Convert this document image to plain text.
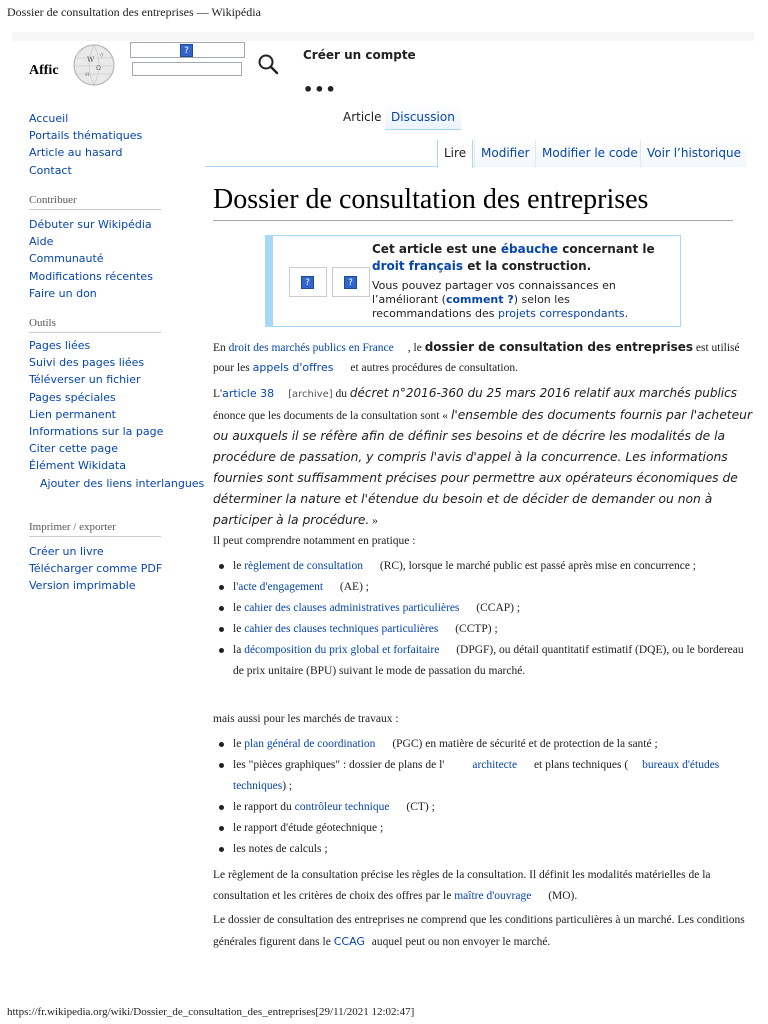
Dossier de consultation des entreprises — Wikipédia
Affic
W
Ω
И
ウ	?	Créer un compte
•••
Article Discussion
Lire	Modifier	Modifier le code Voir l’historique
Accueil
Portails thématiques
Article au hasard
Contact
Contribuer
Débuter sur Wikipédia
Aide
Communauté
Modifications récentes
Faire un don
Outils
Pages liées
Suivi des pages liées
Téléverser un fichier
Pages spéciales
Lien permanent
Informations sur la page
Citer cette page
Élément Wikidata
Ajouter des liens interlangues
Imprimer / exporter
Créer un livre
Télécharger comme PDF
Version imprimable
Dossier de consultation des entreprises
?	?
Cet article est une ébauche concernant le
droit français et la construction.
Vous pouvez partager vos connaissances en l’améliorant (comment ?) selon les recommandations des projets correspondants.

En droit des marchés publics en France , le dossier de consultation des entreprises est utilisé pour les appels d'offres et autres procédures de consultation.

L'article 38 [archive] du décret n°2016-360 du 25 mars 2016 relatif aux marchés publics énonce que les documents de la consultation sont « l'ensemble des documents fournis par l'acheteur ou auxquels il se réfère afin de définir ses besoins et de décrire les modalités de la procédure de passation, y compris l'avis d'appel à la concurrence. Les informations fournies sont suffisamment précises pour permettre aux opérateurs économiques de déterminer la nature et l'étendue du besoin et de décider de demander ou non à participer à la procédure. »

Il peut comprendre notamment en pratique :

le règlement de consultation (RC), lorsque le marché public est passé après mise en concurrence ;
l'acte d'engagement (AE) ;
le cahier des clauses administratives particulières (CCAP) ;
le cahier des clauses techniques particulières (CCTP) ;
la décomposition du prix global et forfaitaire (DPGF), ou détail quantitatif estimatif (DQE), ou le bordereau de prix unitaire (BPU) suivant le mode de passation du marché.

mais aussi pour les marchés de travaux :

le plan général de coordination (PGC) en matière de sécurité et de protection de la santé ;
les "pièces graphiques" : dossier de plans de l' architecte et plans techniques ( bureaux d'études techniques) ;
le rapport du contrôleur technique (CT) ;
le rapport d'étude géotechnique ;
les notes de calculs ;

Le règlement de la consultation précise les règles de la consultation. Il définit les modalités matérielles de la consultation et les critères de choix des offres par le maître d'ouvrage (MO).

Le dossier de consultation des entreprises ne comprend que les conditions particulières à un marché. Les conditions générales figurent dans le CCAG auquel peut ou non envoyer le marché.

https://fr.wikipedia.org/wiki/Dossier_de_consultation_des_entreprises[29/11/2021 12:02:47]
